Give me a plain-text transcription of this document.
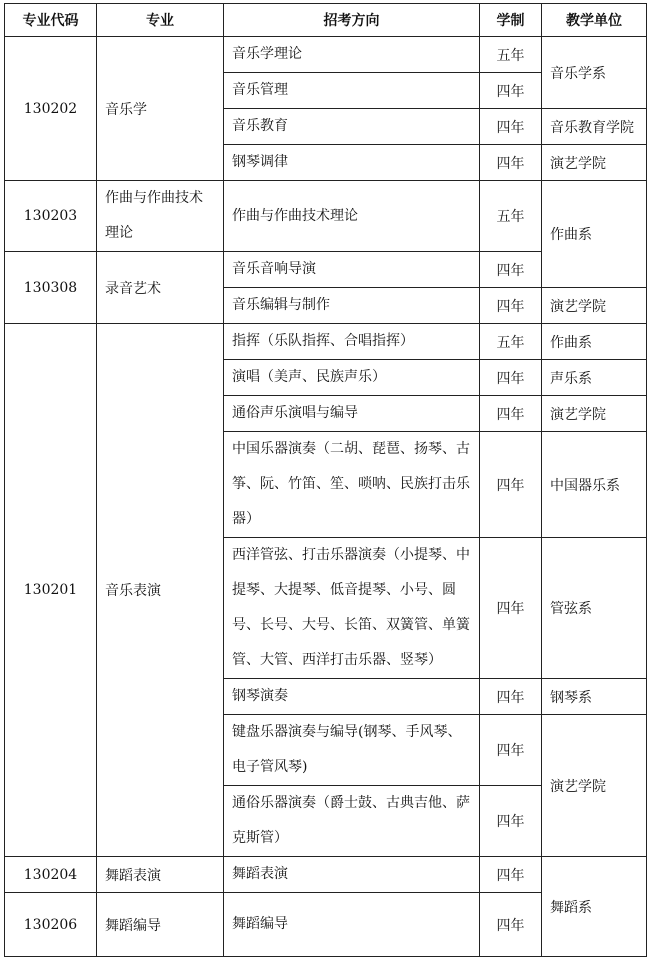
专业代码	专业	招考方向	学制	教学单位
130202	音乐学	音乐学理论	五年	音乐学系
		音乐管理	四年	
		音乐教育	四年	音乐教育学院
		钢琴调律	四年	演艺学院
130203	作曲与作曲技术理论	作曲与作曲技术理论	五年	作曲系
130308	录音艺术	音乐音响导演	四年	
		音乐编辑与制作	四年	演艺学院
130201	音乐表演	指挥（乐队指挥、合唱指挥）	五年	作曲系
		演唱（美声、民族声乐）	四年	声乐系
		通俗声乐演唱与编导	四年	演艺学院
		中国乐器演奏（二胡、琵琶、扬琴、古筝、阮、竹笛、笙、唢呐、民族打击乐器）	四年	中国器乐系
		西洋管弦、打击乐器演奏（小提琴、中提琴、大提琴、低音提琴、小号、圆号、长号、大号、长笛、双簧管、单簧管、大管、西洋打击乐器、竖琴）	四年	管弦系
		钢琴演奏	四年	钢琴系
		键盘乐器演奏与编导(钢琴、手风琴、电子管风琴)	四年	演艺学院
		通俗乐器演奏（爵士鼓、古典吉他、萨克斯管）	四年	
130204	舞蹈表演	舞蹈表演	四年	舞蹈系
130206	舞蹈编导	舞蹈编导	四年	
